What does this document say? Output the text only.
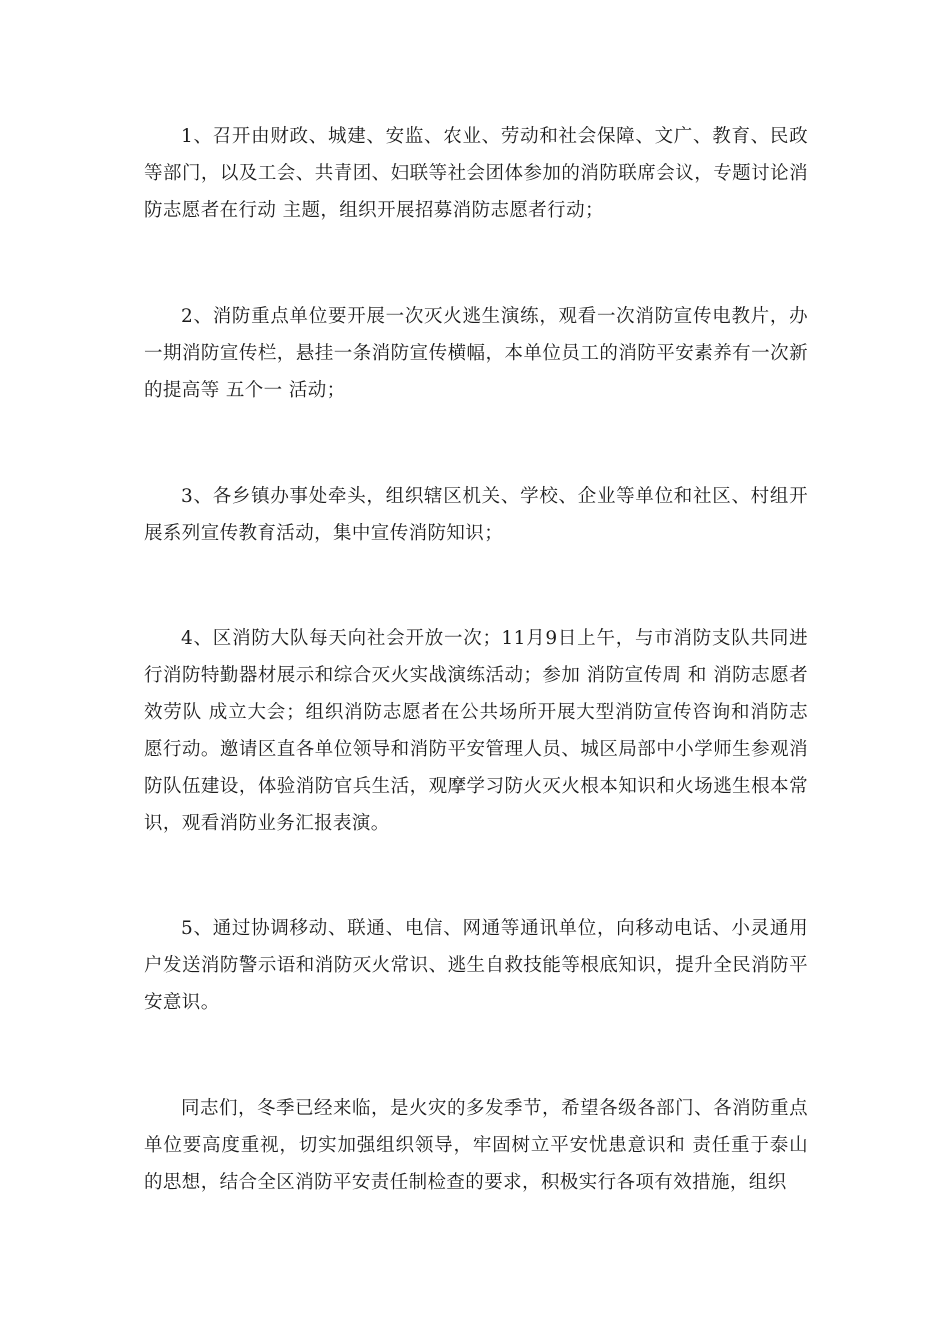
1、召开由财政、城建、安监、农业、劳动和社会保障、文广、教育、民政等部门，以及工会、共青团、妇联等社会团体参加的消防联席会议，专题讨论消防志愿者在行动 主题，组织开展招募消防志愿者行动；

2、消防重点单位要开展一次灭火逃生演练，观看一次消防宣传电教片，办一期消防宣传栏，悬挂一条消防宣传横幅，本单位员工的消防平安素养有一次新的提高等 五个一 活动；

3、各乡镇办事处牵头，组织辖区机关、学校、企业等单位和社区、村组开展系列宣传教育活动，集中宣传消防知识；

4、区消防大队每天向社会开放一次；11月9日上午，与市消防支队共同进行消防特勤器材展示和综合灭火实战演练活动；参加 消防宣传周 和 消防志愿者效劳队 成立大会；组织消防志愿者在公共场所开展大型消防宣传咨询和消防志愿行动。邀请区直各单位领导和消防平安管理人员、城区局部中小学师生参观消防队伍建设，体验消防官兵生活，观摩学习防火灭火根本知识和火场逃生根本常识，观看消防业务汇报表演。

5、通过协调移动、联通、电信、网通等通讯单位，向移动电话、小灵通用户发送消防警示语和消防灭火常识、逃生自救技能等根底知识，提升全民消防平安意识。

同志们，冬季已经来临，是火灾的多发季节，希望各级各部门、各消防重点单位要高度重视，切实加强组织领导，牢固树立平安忧患意识和 责任重于泰山的思想，结合全区消防平安责任制检查的要求，积极实行各项有效措施，组织
